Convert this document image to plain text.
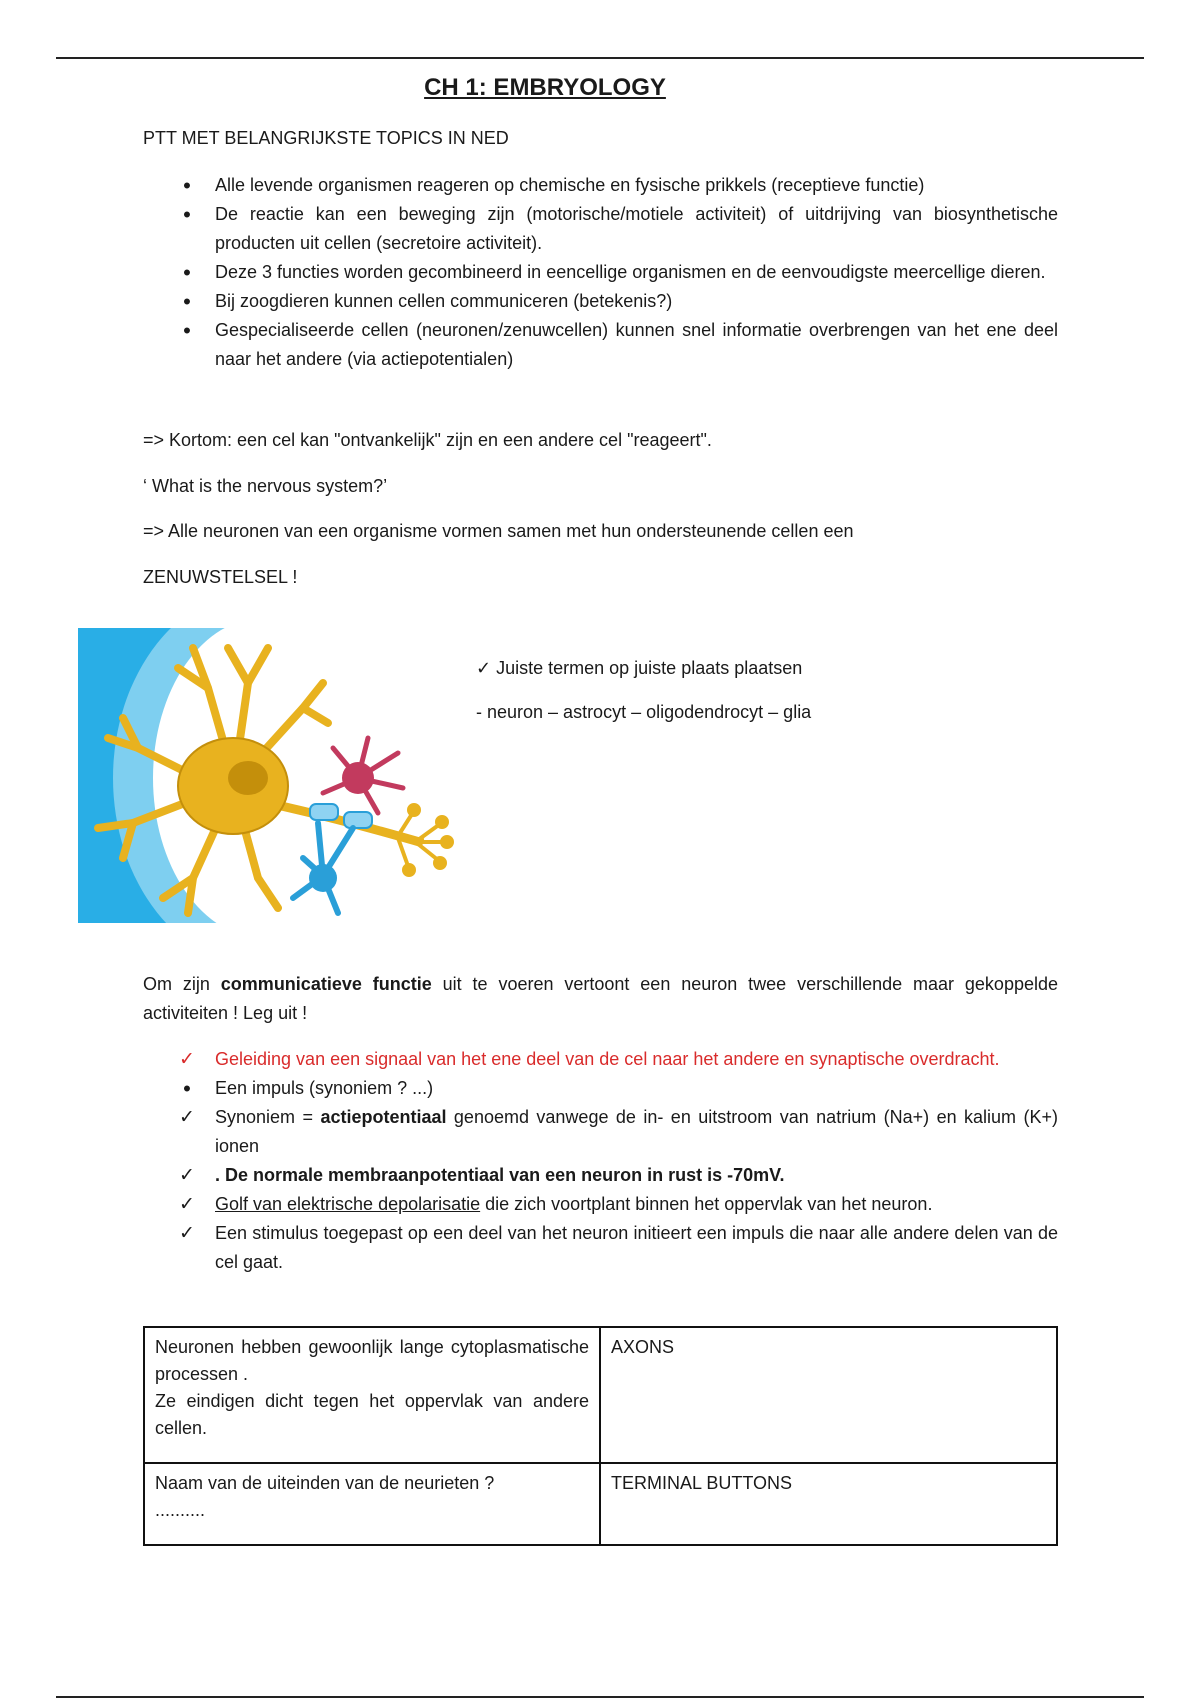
CH 1: EMBRYOLOGY
PTT MET BELANGRIJKSTE TOPICS IN NED
•	Alle levende organismen reageren op chemische en fysische prikkels (receptieve functie)
•	De reactie kan een beweging zijn (motorische/motiele activiteit) of uitdrijving van biosynthetische producten uit cellen (secretoire activiteit).
•	Deze 3 functies worden gecombineerd in eencellige organismen en de eenvoudigste meercellige dieren.
•	Bij zoogdieren kunnen cellen communiceren (betekenis?)
•	Gespecialiseerde cellen (neuronen/zenuwcellen) kunnen snel informatie overbrengen van het ene deel naar het andere (via actiepotentialen)
=> Kortom: een cel kan "ontvankelijk" zijn en een andere cel "reageert".
‘ What is the nervous system?’
=> Alle neuronen van een organisme vormen samen met hun ondersteunende cellen een
ZENUWSTELSEL !
✓ Juiste termen op juiste plaats plaatsen
- neuron – astrocyt – oligodendrocyt – glia
Om zijn communicatieve functie uit te voeren vertoont een neuron twee verschillende maar gekoppelde activiteiten ! Leg uit !
✓ Geleiding van een signaal van het ene deel van de cel naar het andere en synaptische overdracht.
•	Een impuls (synoniem ? ...)
✓ Synoniem = actiepotentiaal genoemd vanwege de in- en uitstroom van natrium (Na+) en kalium (K+) ionen
✓ . De normale membraanpotentiaal van een neuron in rust is -70mV.
✓ Golf van elektrische depolarisatie die zich voortplant binnen het oppervlak van het neuron.
✓ Een stimulus toegepast op een deel van het neuron initieert een impuls die naar alle andere delen van de cel gaat.
Neuronen hebben gewoonlijk lange cytoplasmatische processen .
Ze eindigen dicht tegen het oppervlak van andere cellen.	AXONS

Naam van de uiteinden van de neurieten ?
..........	TERMINAL BUTTONS
